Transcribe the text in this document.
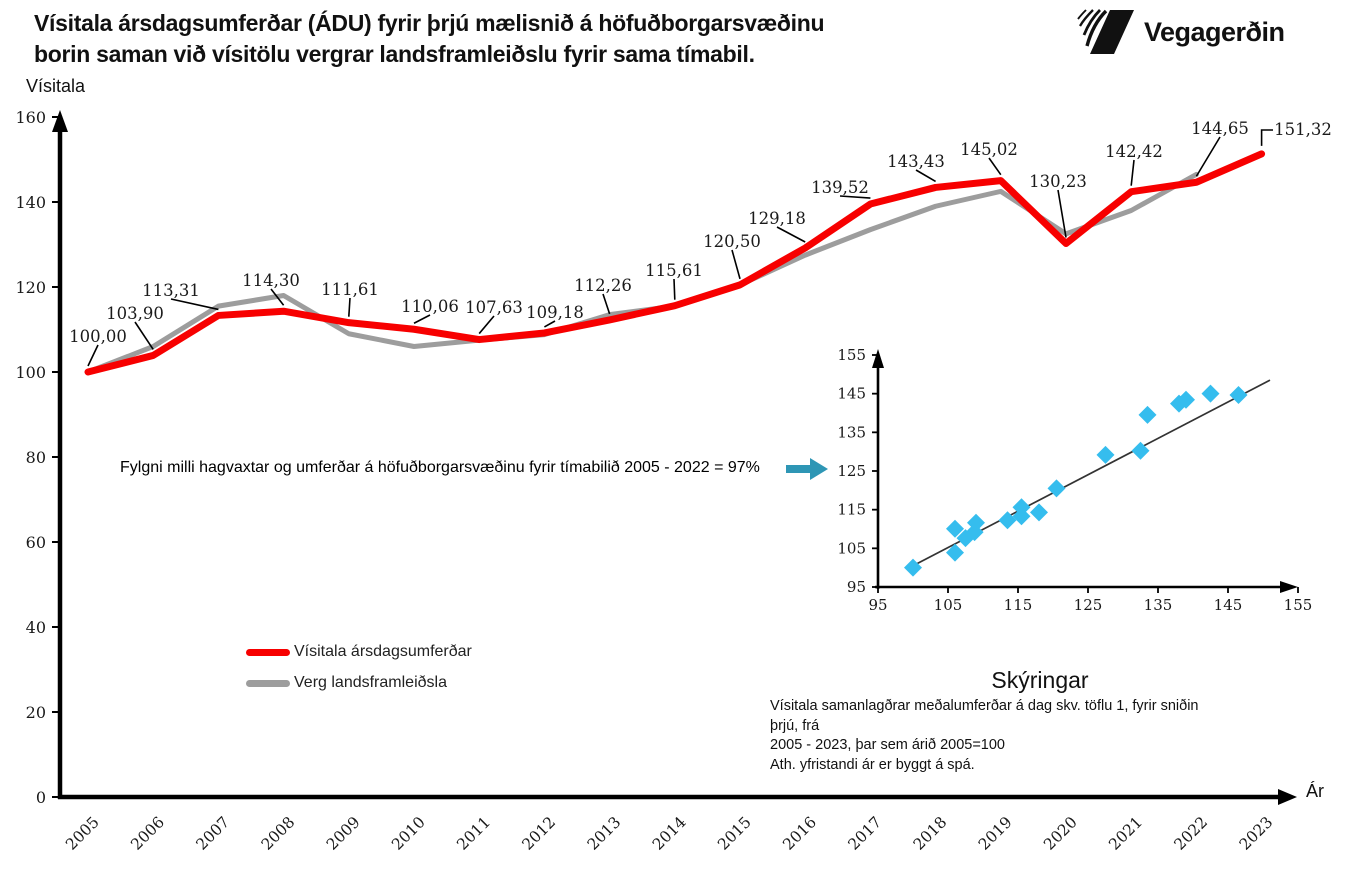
Vísitala ársdagsumferðar (ÁDU) fyrir þrjú mælisnið á höfuðborgarsvæðinu
borin saman við vísitölu vergrar landsframleiðslu fyrir sama tímabil.
Vegagerðin
Vísitala
0
20
40
60
80
100
120
140
160
2005 2006 2007 2008 2009 2010 2011 2012 2013 2014 2015 2016 2017 2018 2019 2020 2021 2022 2023
100,00
103,90
113,31
114,30 111,61
110,06 107,63 109,18
112,26
115,61
120,50
129,18
139,52
143,43
145,02
130,23
142,42
144,65 151,32
Ár
Fylgni milli hagvaxtar og umferðar á höfuðborgarsvæðinu fyrir tímabilið 2005 - 2022 = 97%
95
105
115
125
135
145
155
95	105	115	125	135	145	155
Vísitala ársdagsumferðar
Verg landsframleiðsla	Skýringar
Vísitala samanlagðrar meðalumferðar á dag skv. töflu 1, fyrir sniðin þrjú, frá
2005 - 2023, þar sem árið 2005=100
Ath. yfristandi ár er byggt á spá.
